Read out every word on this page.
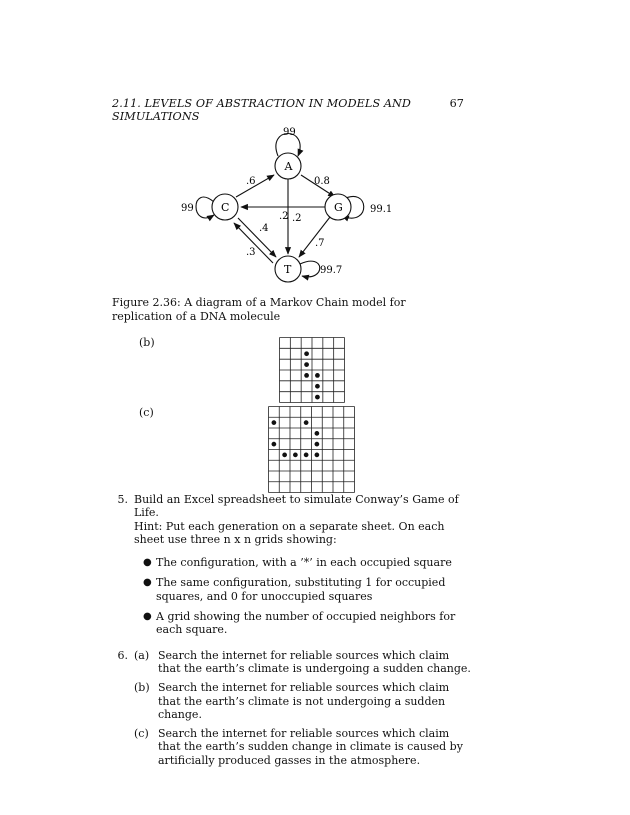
2.11. LEVELS OF ABSTRACTION IN MODELS AND SIMULATIONS
67
99
99	99.1
99.7
.6	0.8
.2 .2
.4
.3
.7
A
C	G
T
Figure 2.36: A diagram of a Markov Chain model for replication of a DNA molecule
(b)
(c)
5. Build an Excel spreadsheet to simulate Conway’s Game of Life.
Hint: Put each generation on a separate sheet. On each sheet use three n x n grids showing:
● The configuration, with a ’*’ in each occupied square
● The same configuration, substituting 1 for occupied squares, and 0 for unoccupied squares
● A grid showing the number of occupied neighbors for each square.
6. (a) Search the internet for reliable sources which claim that the earth’s climate is undergoing a sudden change.
(b) Search the internet for reliable sources which claim that the earth’s climate is not undergoing a sudden change.
(c) Search the internet for reliable sources which claim that the earth’s sudden change in climate is caused by artificially produced gasses in the atmosphere.
